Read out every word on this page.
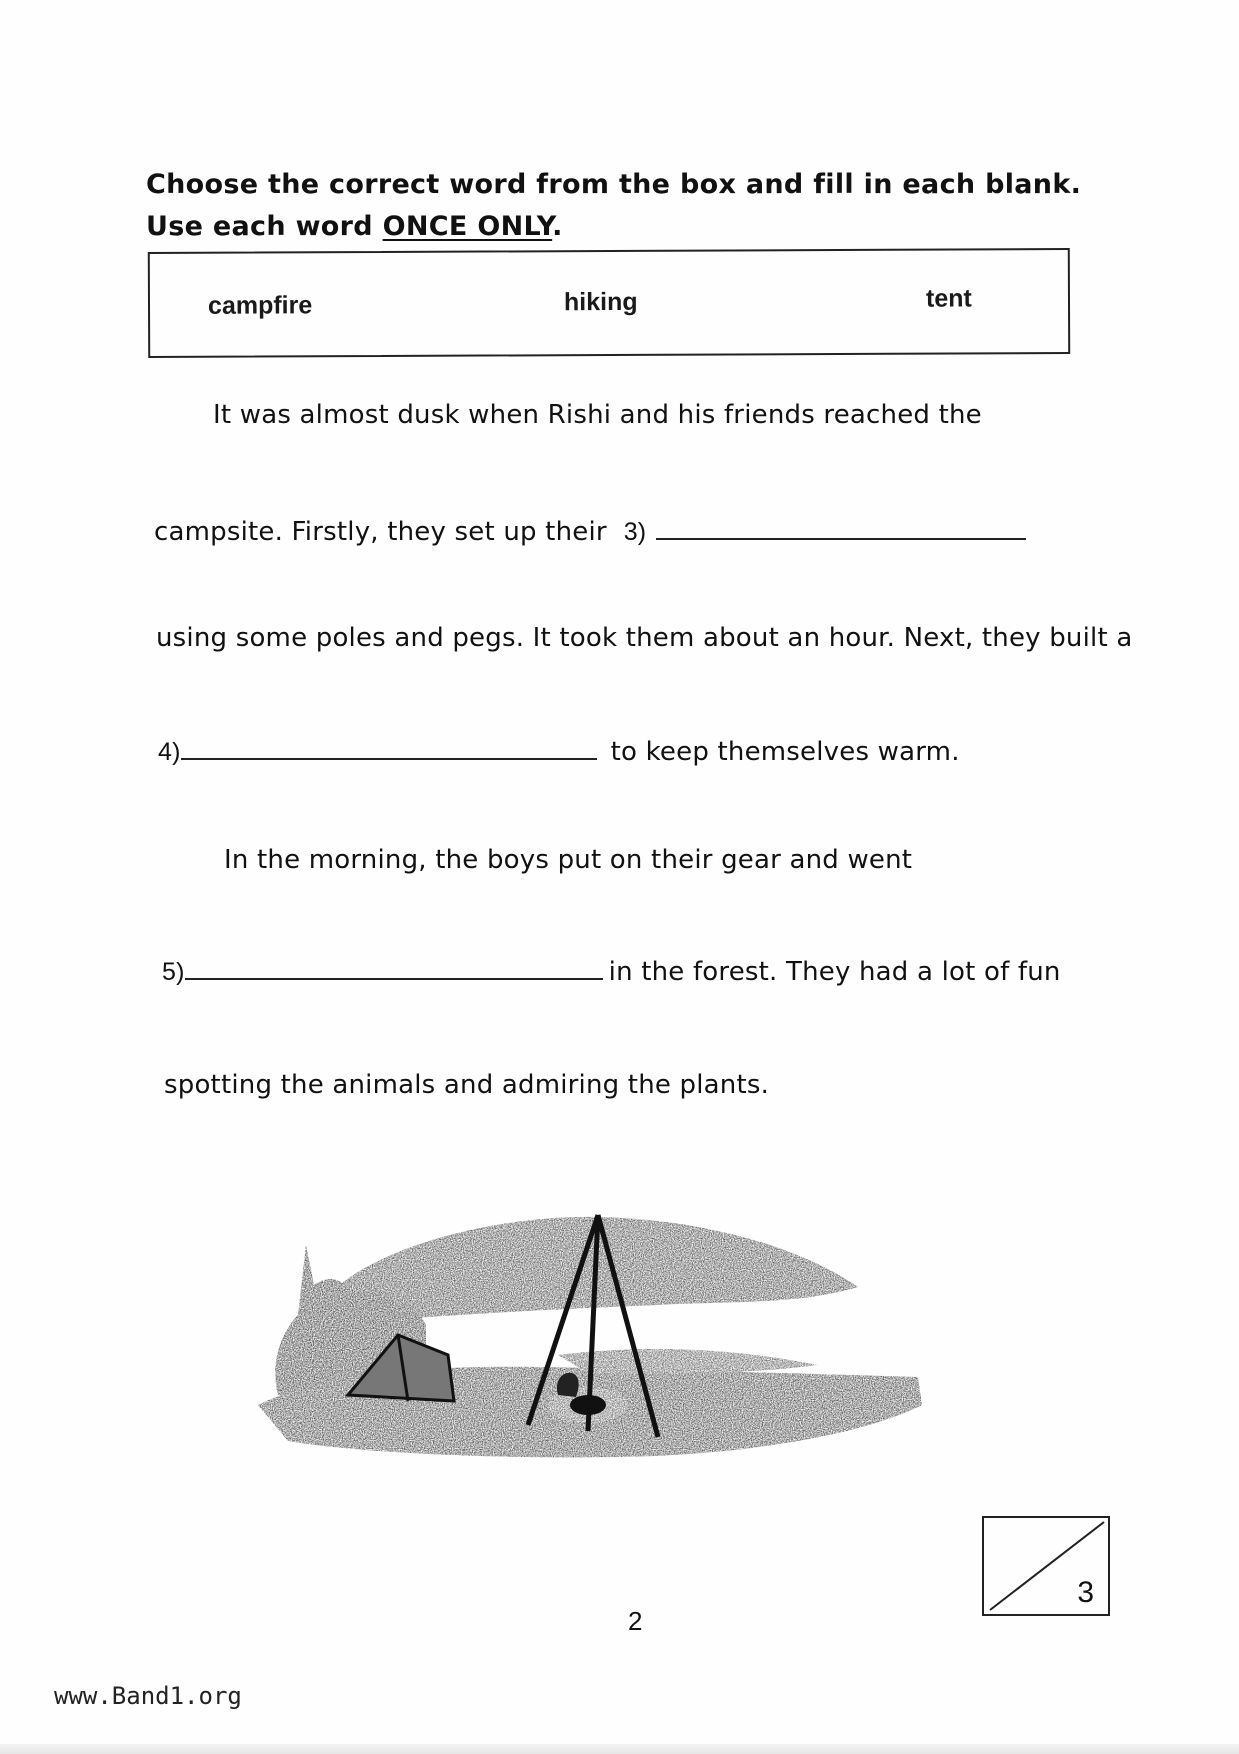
Choose the correct word from the box and fill in each blank. Use each word ONCE ONLY.
campfire	hiking	tent
It was almost dusk when Rishi and his friends reached the
campsite. Firstly, they set up their 3)
using some poles and pegs. It took them about an hour. Next, they built a
4)	to keep themselves warm.
In the morning, the boys put on their gear and went
5)	in the forest. They had a lot of fun
spotting the animals and admiring the plants.
3
2
www.Band1.org
